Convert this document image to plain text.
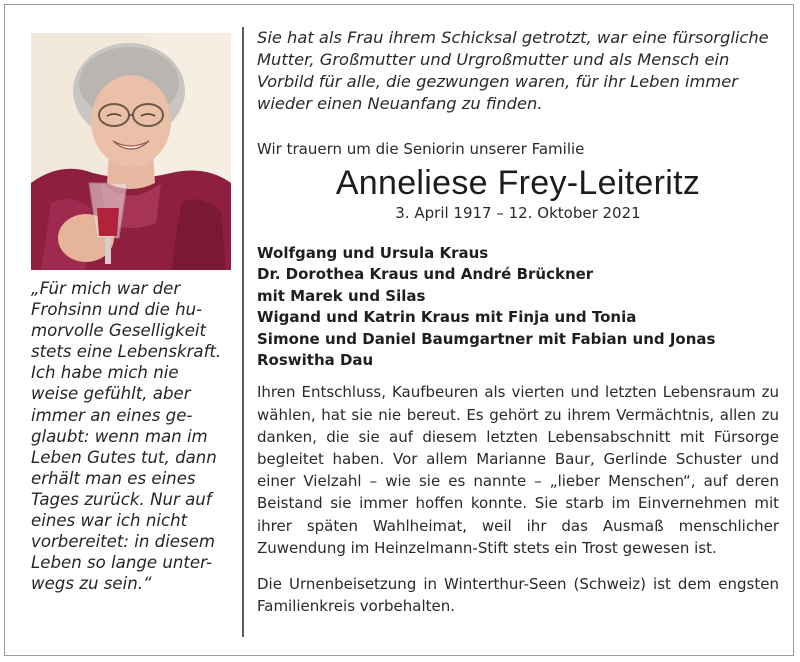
„Für mich war der
Frohsinn und die hu-
morvolle Geselligkeit
stets eine Lebenskraft.
Ich habe mich nie
weise gefühlt, aber
immer an eines ge-
glaubt: wenn man im
Leben Gutes tut, dann
erhält man es eines
Tages zurück. Nur auf
eines war ich nicht
vorbereitet: in diesem
Leben so lange unter-
wegs zu sein.“
Sie hat als Frau ihrem Schicksal getrotzt, war eine fürsorgliche
Mutter, Großmutter und Urgroßmutter und als Mensch ein
Vorbild für alle, die gezwungen waren, für ihr Leben immer
wieder einen Neuanfang zu finden.
Wir trauern um die Seniorin unserer Familie
Anneliese Frey-Leiteritz
3. April 1917 – 12. Oktober 2021
Wolfgang und Ursula Kraus
Dr. Dorothea Kraus und André Brückner
mit Marek und Silas
Wigand und Katrin Kraus mit Finja und Tonia
Simone und Daniel Baumgartner mit Fabian und Jonas
Roswitha Dau
Ihren Entschluss, Kaufbeuren als vierten und letzten Lebensraum zu wählen, hat sie nie bereut. Es gehört zu ihrem Vermächtnis, allen zu danken, die sie auf diesem letzten Lebensabschnitt mit Fürsorge begleitet haben. Vor allem Marianne Baur, Gerlinde Schuster und einer Vielzahl – wie sie es nannte – „lieber Menschen“, auf deren Beistand sie immer hoffen konnte. Sie starb im Einvernehmen mit ihrer späten Wahlheimat, weil ihr das Ausmaß menschlicher Zuwendung im Heinzelmann-Stift stets ein Trost gewesen ist.
Die Urnenbeisetzung in Winterthur-Seen (Schweiz) ist dem engsten Familienkreis vorbehalten.
